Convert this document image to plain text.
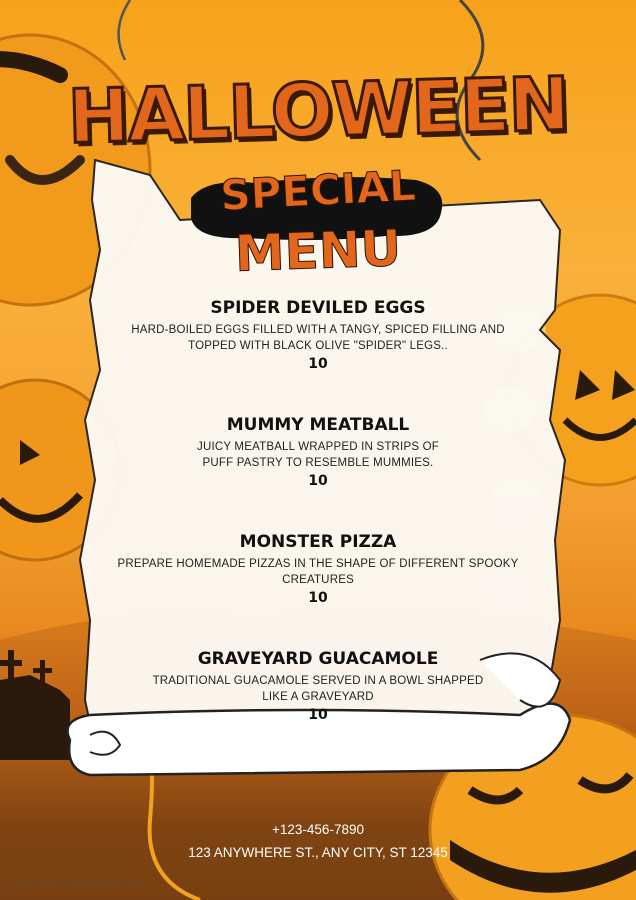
HALLOWEEN
SPECIAL
MENU
SPIDER DEVILED EGGS
HARD-BOILED EGGS FILLED WITH A TANGY, SPICED FILLING AND TOPPED WITH BLACK OLIVE "SPIDER" LEGS..
10
MUMMY MEATBALL
JUICY MEATBALL WRAPPED IN STRIPS OF PUFF PASTRY TO RESEMBLE MUMMIES.
10
MONSTER PIZZA
PREPARE HOMEMADE PIZZAS IN THE SHAPE OF DIFFERENT SPOOKY CREATURES
10
GRAVEYARD GUACAMOLE
TRADITIONAL GUACAMOLE SERVED IN A BOWL SHAPPED LIKE A GRAVEYARD
10
+123-456-7890
123 ANYWHERE ST., ANY CITY, ST 12345
Made with PosterMyWall.com
